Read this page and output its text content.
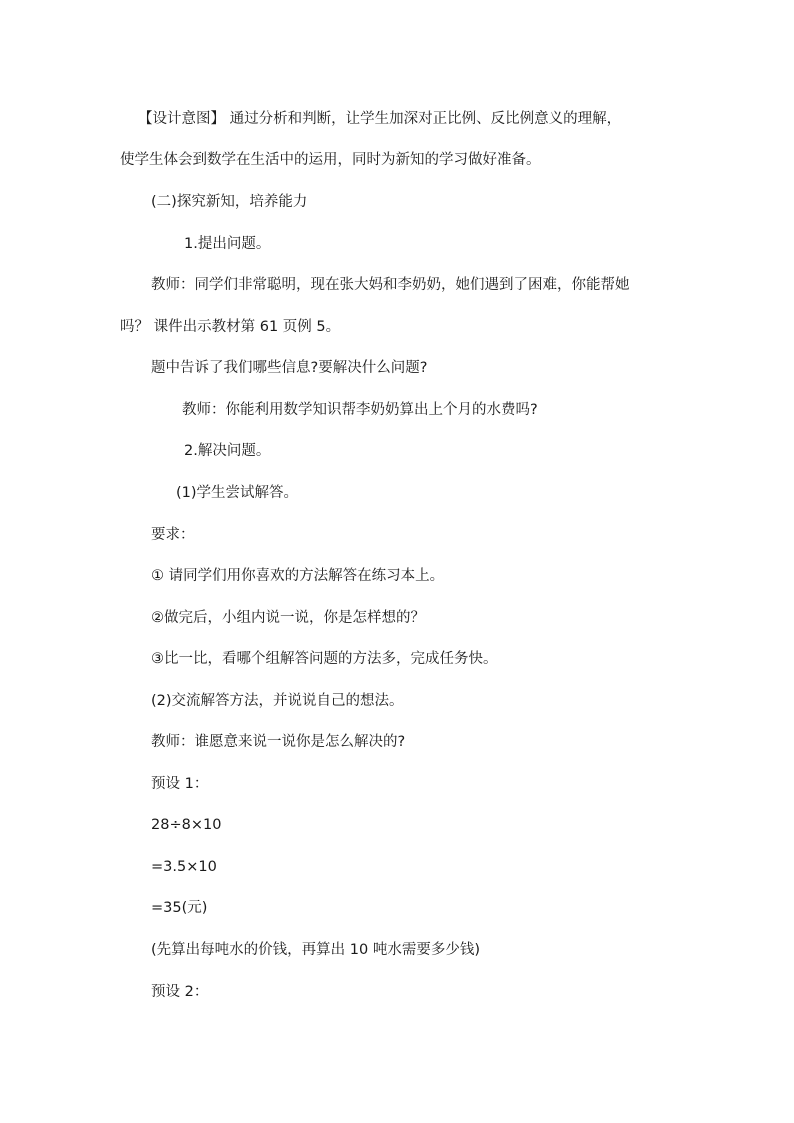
【设计意图】 通过分析和判断，让学生加深对正比例、反比例意义的理解，

使学生体会到数学在生活中的运用，同时为新知的学习做好准备。

(二)探究新知，培养能力

1.提出问题。

教师：同学们非常聪明，现在张大妈和李奶奶，她们遇到了困难，你能帮她

吗？ 课件出示教材第 61 页例 5。

题中告诉了我们哪些信息?要解决什么问题?

教师：你能利用数学知识帮李奶奶算出上个月的水费吗?

2.解决问题。

(1)学生尝试解答。

要求：

① 请同学们用你喜欢的方法解答在练习本上。

②做完后，小组内说一说，你是怎样想的？

③比一比，看哪个组解答问题的方法多，完成任务快。

(2)交流解答方法，并说说自己的想法。

教师：谁愿意来说一说你是怎么解决的?

预设 1：

28÷8×10

=3.5×10

=35(元)

(先算出每吨水的价钱，再算出 10 吨水需要多少钱)

预设 2：
